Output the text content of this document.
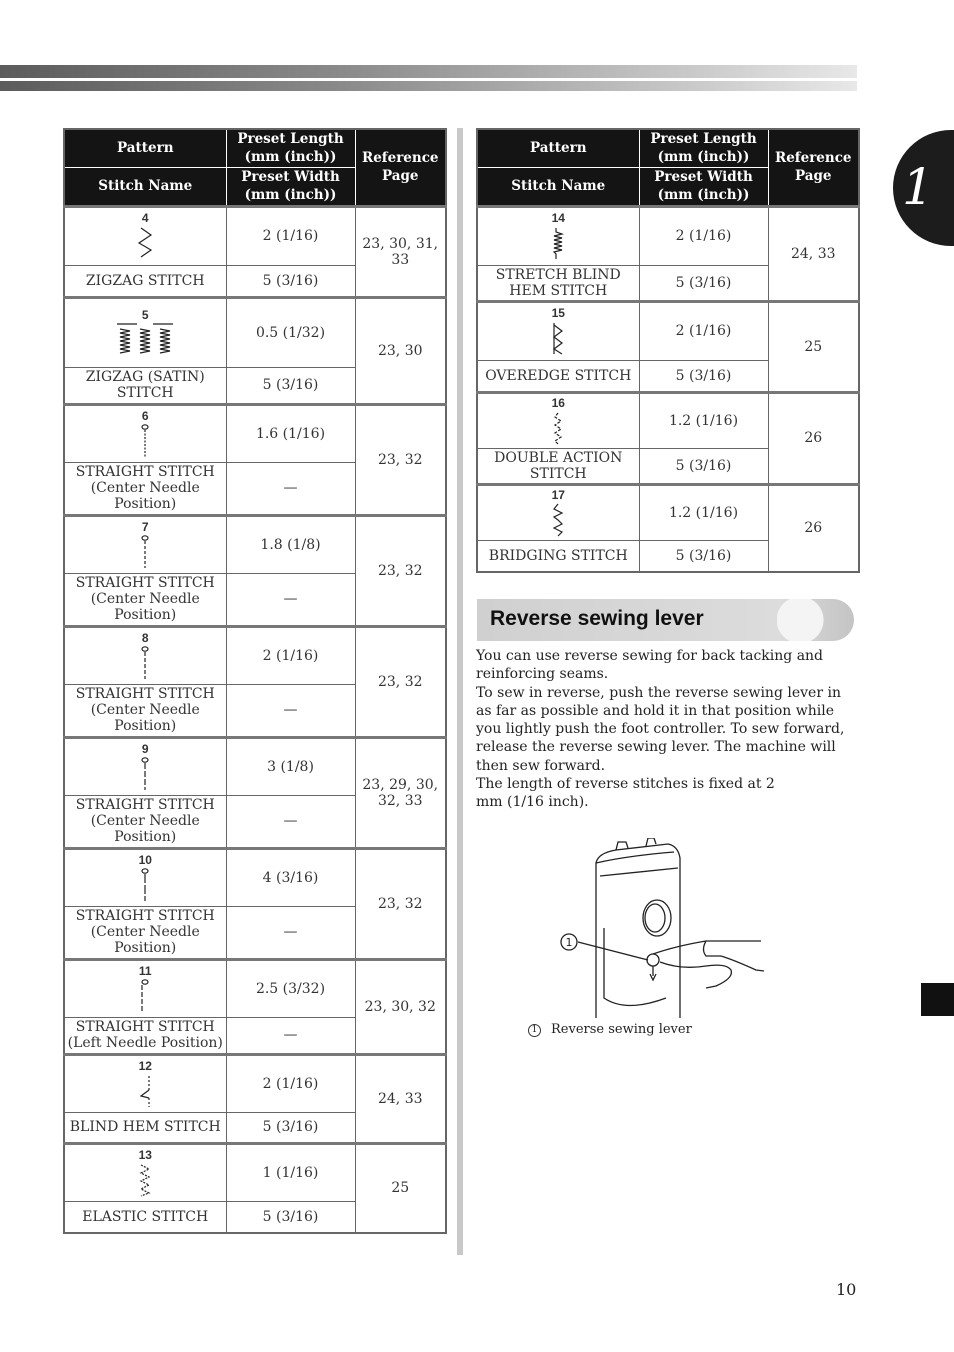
1
Pattern	Preset Length (mm (inch))	Reference Page
Stitch Name	Preset Width (mm (inch))	

4	2 (1/16)	23, 30, 31, 33
ZIGZAG STITCH	5 (3/16)	

5	0.5 (1/32)	23, 30
ZIGZAG (SATIN) STITCH	5 (3/16)	

6	1.6 (1/16)	23, 32
STRAIGHT STITCH (Center Needle Position)	—	

7	1.8 (1/8)	23, 32
STRAIGHT STITCH (Center Needle Position)	—	

8	2 (1/16)	23, 32
STRAIGHT STITCH (Center Needle Position)	—	

9	3 (1/8)	23, 29, 30, 32, 33
STRAIGHT STITCH (Center Needle Position)	—	

10	4 (3/16)	23, 32
STRAIGHT STITCH (Center Needle Position)	—	

11	2.5 (3/32)	23, 30, 32
STRAIGHT STITCH (Left Needle Position)	—	

12	2 (1/16)	24, 33
BLIND HEM STITCH	5 (3/16)	

13	1 (1/16)	25
ELASTIC STITCH	5 (3/16)	
Pattern	Preset Length (mm (inch))	Reference Page
Stitch Name	Preset Width (mm (inch))	

14	2 (1/16)	24, 33
STRETCH BLIND HEM STITCH	5 (3/16)	

15	2 (1/16)	25
OVEREDGE STITCH	5 (3/16)	

16	1.2 (1/16)	26
DOUBLE ACTION STITCH	5 (3/16)	

17	1.2 (1/16)	26
BRIDGING STITCH	5 (3/16)	
Reverse sewing lever

You can use reverse sewing for back tacking and reinforcing seams.

To sew in reverse, push the reverse sewing lever in as far as possible and hold it in that position while you lightly push the foot controller. To sew forward, release the reverse sewing lever. The machine will then sew forward.

The length of reverse stitches is fixed at 2 mm (1/16 inch).

1
1 Reverse sewing lever
10
